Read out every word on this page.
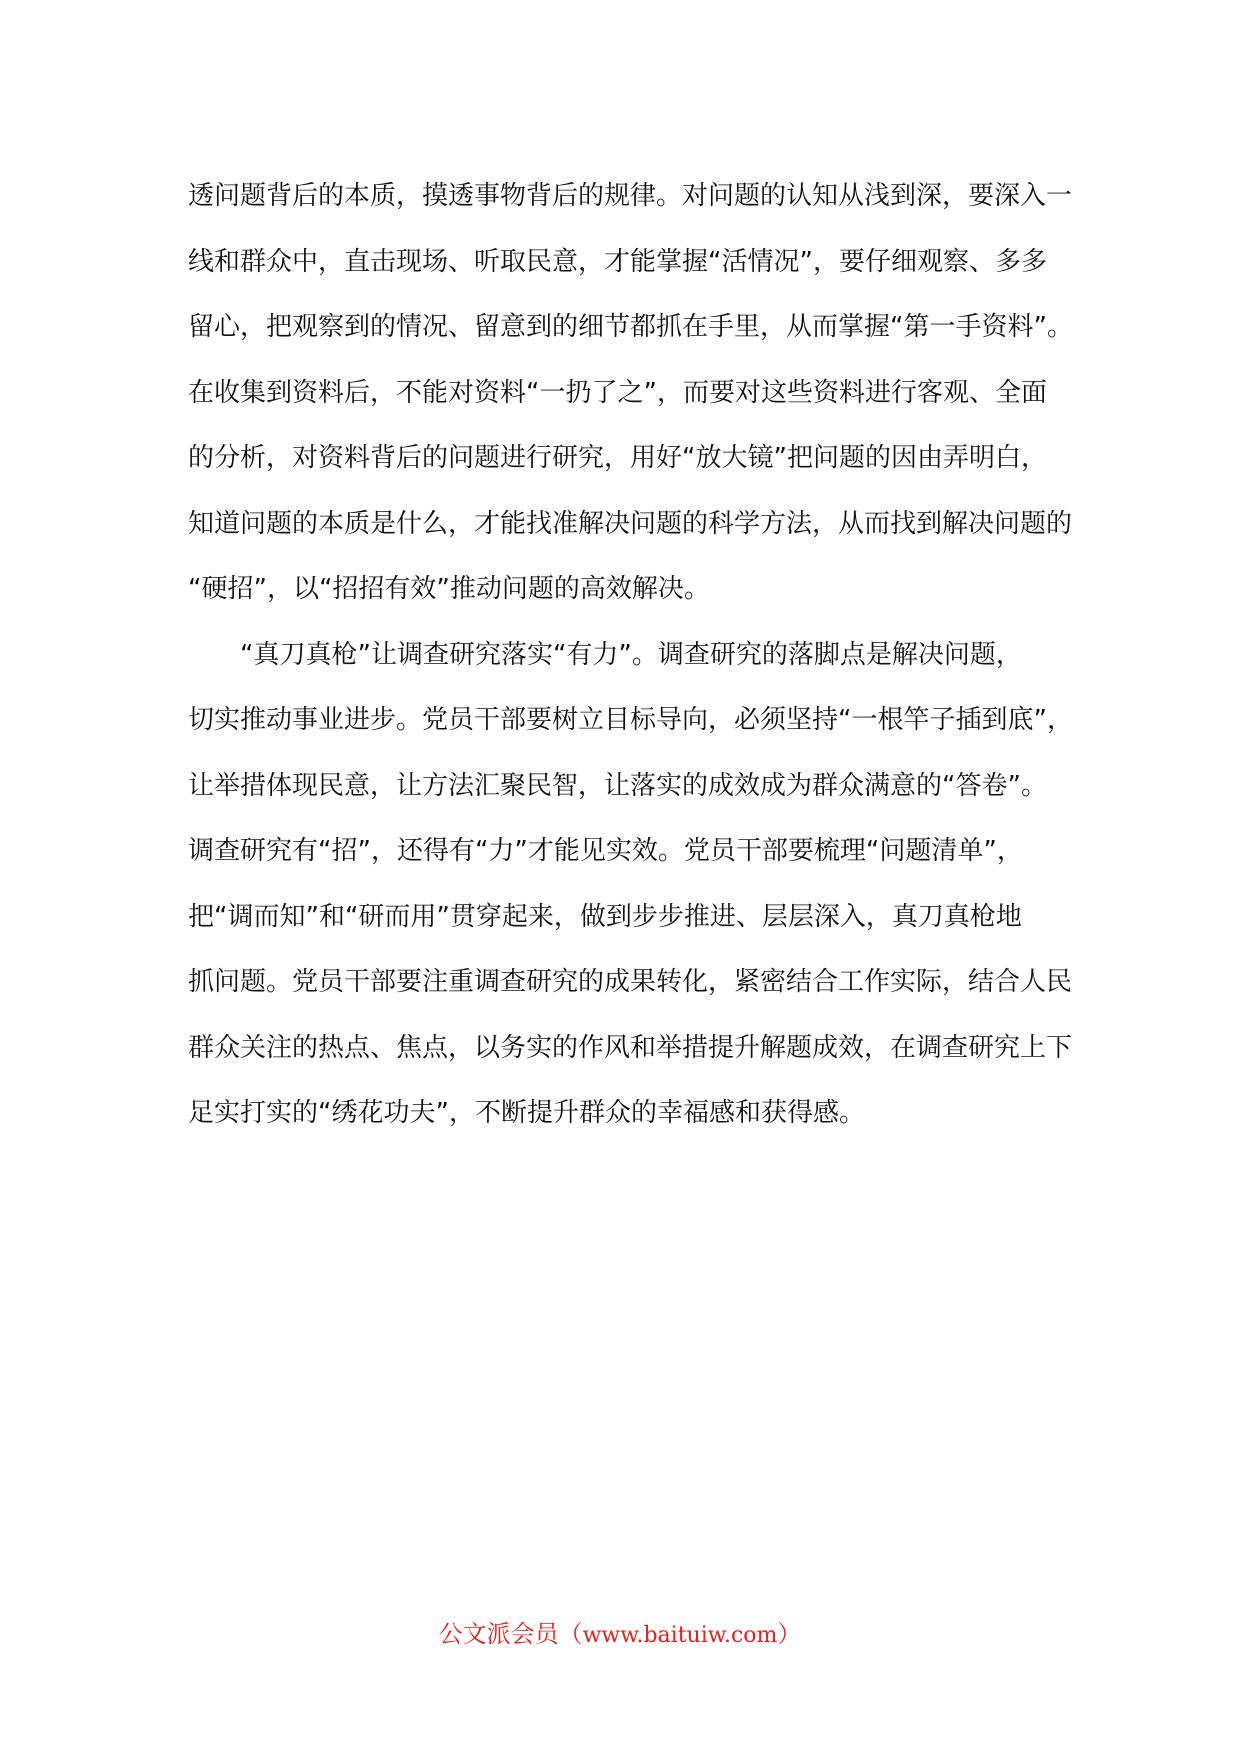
透问题背后的本质，摸透事物背后的规律。对问题的认知从浅到深，要深入一
线和群众中，直击现场、听取民意，才能掌握“活情况”，要仔细观察、多多
留心，把观察到的情况、留意到的细节都抓在手里，从而掌握“第一手资料”。
在收集到资料后，不能对资料“一扔了之”，而要对这些资料进行客观、全面
的分析，对资料背后的问题进行研究，用好“放大镜”把问题的因由弄明白，
知道问题的本质是什么，才能找准解决问题的科学方法，从而找到解决问题的
“硬招”，以“招招有效”推动问题的高效解决。
“真刀真枪”让调查研究落实“有力”。调查研究的落脚点是解决问题，
切实推动事业进步。党员干部要树立目标导向，必须坚持“一根竿子插到底”，
让举措体现民意，让方法汇聚民智，让落实的成效成为群众满意的“答卷”。
调查研究有“招”，还得有“力”才能见实效。党员干部要梳理“问题清单”，
把“调而知”和“研而用”贯穿起来，做到步步推进、层层深入，真刀真枪地
抓问题。党员干部要注重调查研究的成果转化，紧密结合工作实际，结合人民
群众关注的热点、焦点，以务实的作风和举措提升解题成效，在调查研究上下
足实打实的“绣花功夫”，不断提升群众的幸福感和获得感。
公文派会员（www.baituiw.com）
